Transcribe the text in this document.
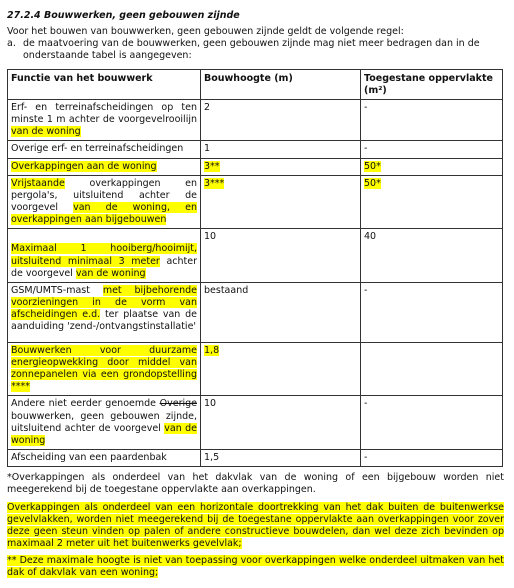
27.2.4 Bouwwerken, geen gebouwen zijnde

Voor het bouwen van bouwwerken, geen gebouwen zijnde geldt de volgende regel:

a. de maatvoering van de bouwwerken, geen gebouwen zijnde mag niet meer bedragen dan in de onderstaande tabel is aangegeven:
Functie van het bouwwerk	Bouwhoogte (m)	Toegestane oppervlakte (m²)
Erf- en terreinafscheidingen op ten minste 1 m achter de voorgevelrooilijn van de woning	2	-
Overige erf- en terreinafscheidingen	1	-
Overkappingen aan de woning	3**	50*
Vrijstaande overkappingen en pergola's, uitsluitend achter de voorgevel van de woning, en overkappingen aan bijgebouwen	3***	50*
Maximaal 1 hooiberg/hooimijt, uitsluitend minimaal 3 meter achter de voorgevel van de woning	10	40
GSM/UMTS-mast met bijbehorende voorzieningen in de vorm van afscheidingen e.d. ter plaatse van de aanduiding 'zend-/ontvangstinstallatie'	bestaand	-
Bouwwerken voor duurzame energieopwekking door middel van zonnepanelen via een grondopstelling ****	1,8	
Andere niet eerder genoemde Overige bouwwerken, geen gebouwen zijnde, uitsluitend achter de voorgevel van de woning	10	-
Afscheiding van een paardenbak	1,5	-

*Overkappingen als onderdeel van het dakvlak van de woning of een bijgebouw worden niet meegerekend bij de toegestane oppervlakte aan overkappingen.

Overkappingen als onderdeel van een horizontale doortrekking van het dak buiten de buitenwerkse gevelvlakken, worden niet meegerekend bij de toegestane oppervlakte aan overkappingen voor zover deze geen steun vinden op palen of andere constructieve bouwdelen, dan wel deze zich bevinden op maximaal 2 meter uit het buitenwerks gevelvlak;

** Deze maximale hoogte is niet van toepassing voor overkappingen welke onderdeel uitmaken van het dak of dakvlak van een woning;
